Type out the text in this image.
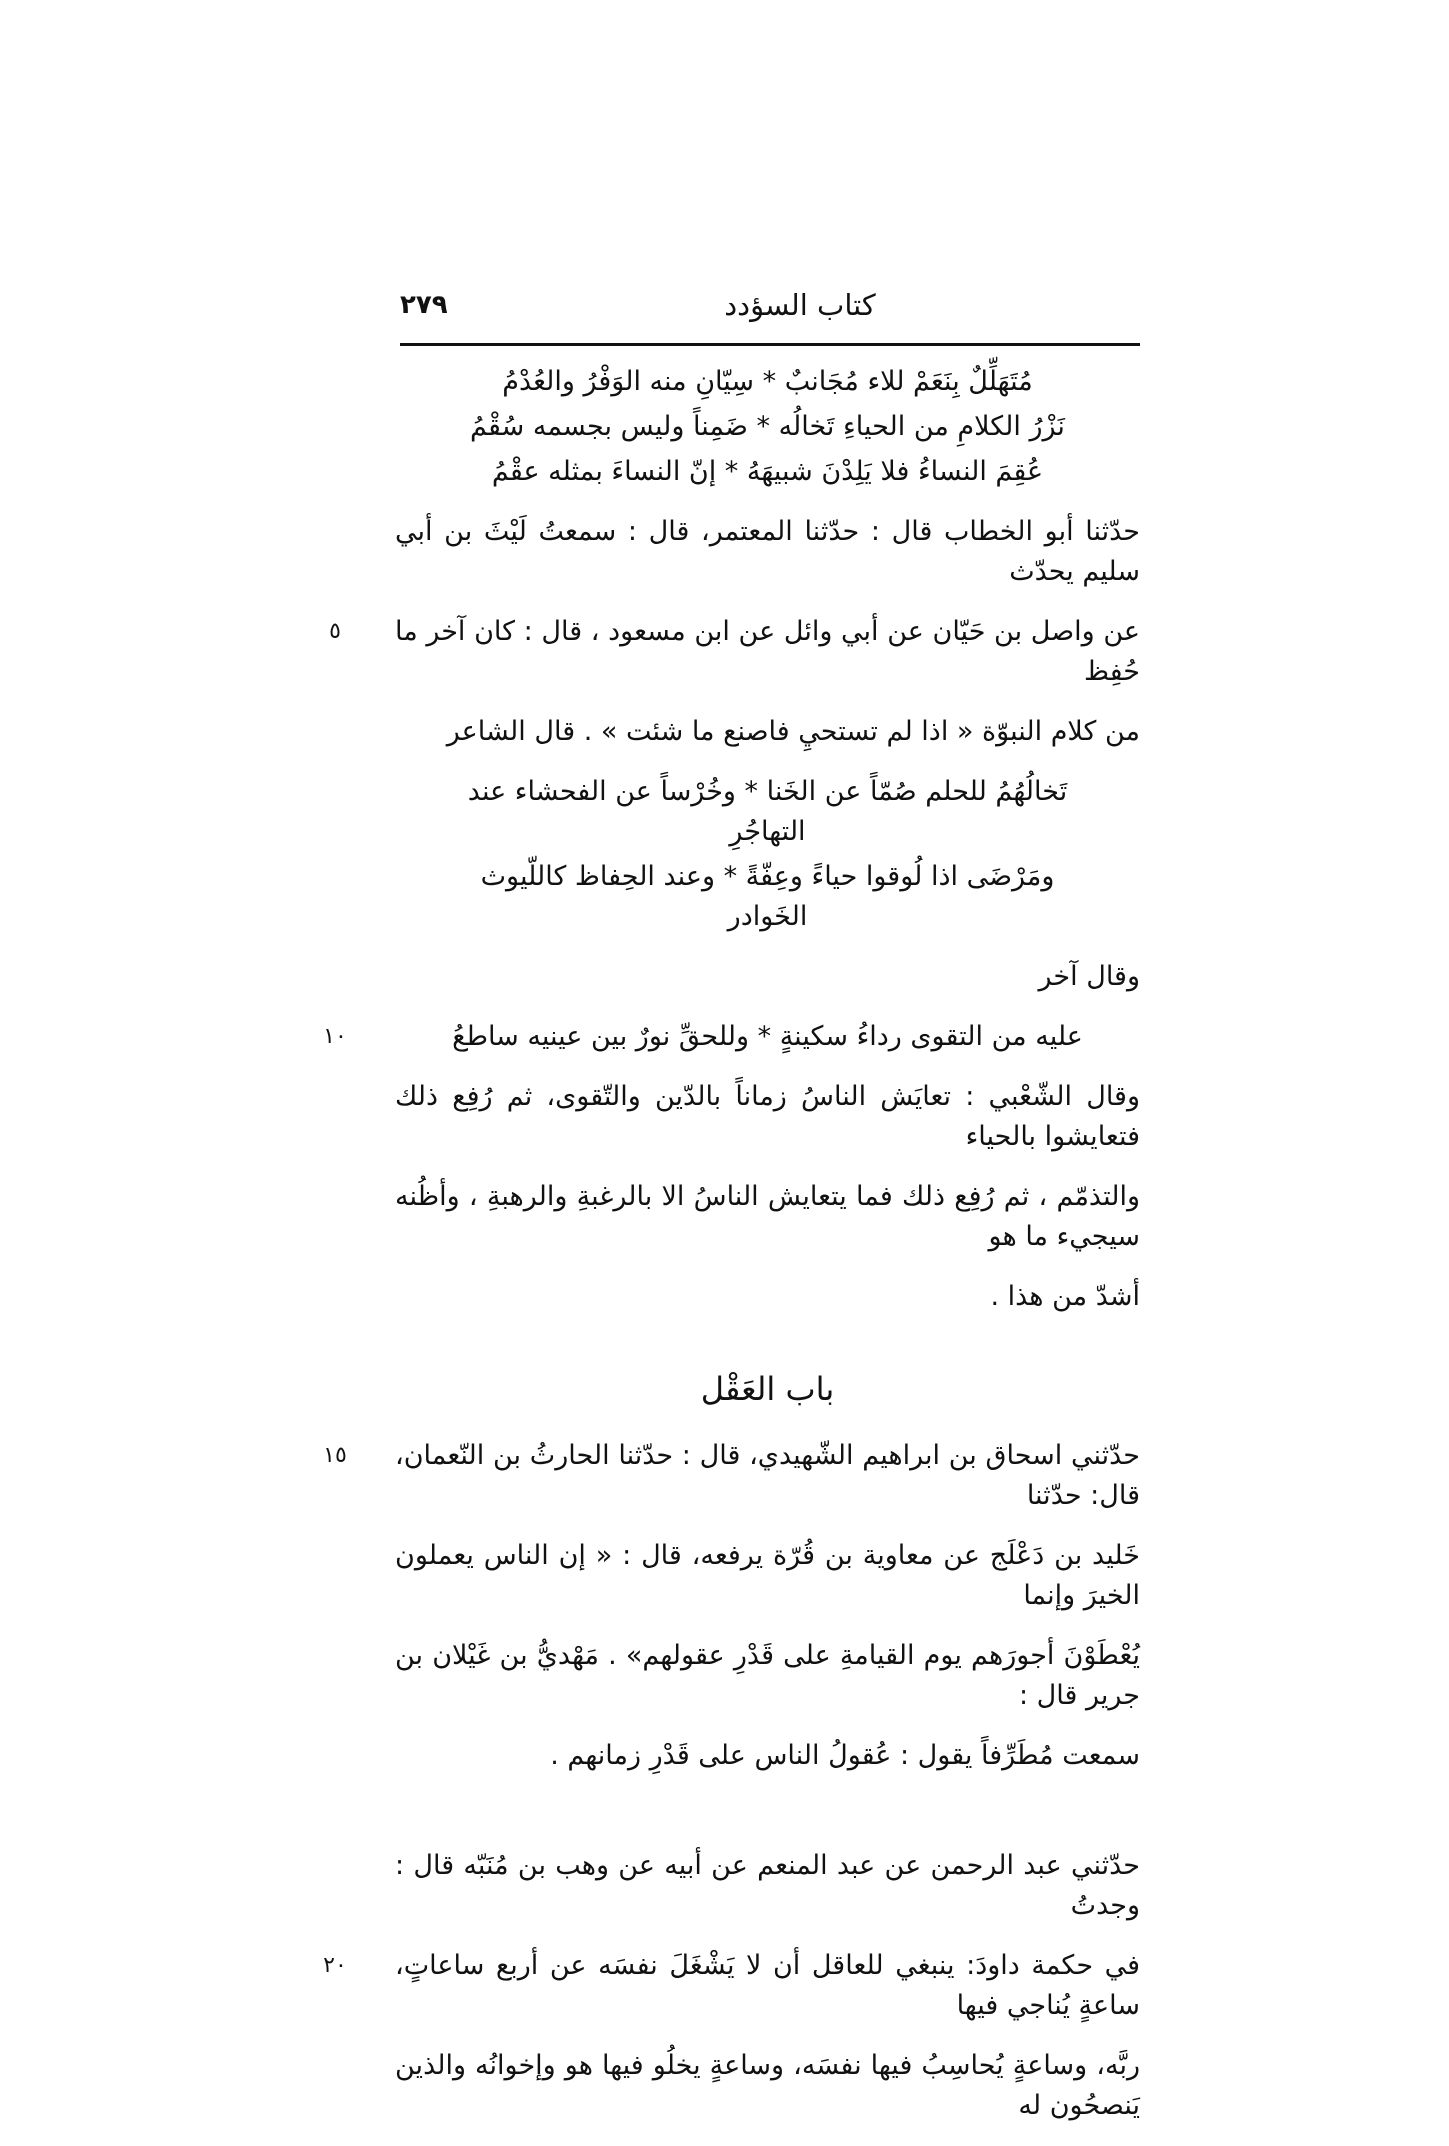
٢٧٩	كتاب السؤدد
مُتَهَلِّلٌ بِنَعَمْ للاء مُجَانبٌ * سِيّانِ منه الوَفْرُ والعُدْمُ
نَزْرُ الكلامِ من الحياءِ تَخالُه * ضَمِناً وليس بجسمه سُقْمُ
عُقِمَ النساءُ فلا يَلِدْنَ شبيهَهُ * إنّ النساءَ بمثله عقْمُ
حدّثنا أبو الخطاب قال : حدّثنا المعتمر، قال : سمعتُ لَيْثَ بن أبي سليم يحدّث
عن واصل بن حَيّان عن أبي وائل عن ابن مسعود ، قال : كان آخر ما حُفِظ
٥
من كلام النبوّة « اذا لم تستحيِ فاصنع ما شئت » . قال الشاعر
تَخالُهُمُ للحلم صُمّاً عن الخَنا * وخُرْساً عن الفحشاء عند التهاجُرِ
ومَرْضَى اذا لُوقوا حياءً وعِفّةً * وعند الحِفاظ كاللّيوث الخَوادر
وقال آخر
عليه من التقوى رداءُ سكينةٍ * وللحقِّ نورٌ بين عينيه ساطعُ
١٠
وقال الشّعْبي : تعايَش الناسُ زماناً بالدّين والتّقوى، ثم رُفِع ذلك فتعايشوا بالحياء
والتذمّم ، ثم رُفِع ذلك فما يتعايش الناسُ الا بالرغبةِ والرهبةِ ، وأظُنه سيجيء ما هو
أشدّ من هذا .
باب العَقْل
حدّثني اسحاق بن ابراهيم الشّهيدي، قال : حدّثنا الحارثُ بن النّعمان، قال: حدّثنا
١٥
خَليد بن دَعْلَج عن معاوية بن قُرّة يرفعه، قال : « إن الناس يعملون الخيرَ وإنما
يُعْطَوْنَ أجورَهم يوم القيامةِ على قَدْرِ عقولهم» . مَهْديُّ بن غَيْلان بن جرير قال :
سمعت مُطَرِّفاً يقول : عُقولُ الناس على قَدْرِ زمانهم .
حدّثني عبد الرحمن عن عبد المنعم عن أبيه عن وهب بن مُنَبّه قال : وجدتُ
في حكمة داودَ: ينبغي للعاقل أن لا يَشْغَلَ نفسَه عن أربع ساعاتٍ، ساعةٍ يُناجي فيها
٢٠
ربَّه، وساعةٍ يُحاسِبُ فيها نفسَه، وساعةٍ يخلُو فيها هو وإخوانُه والذين يَنصحُون له
